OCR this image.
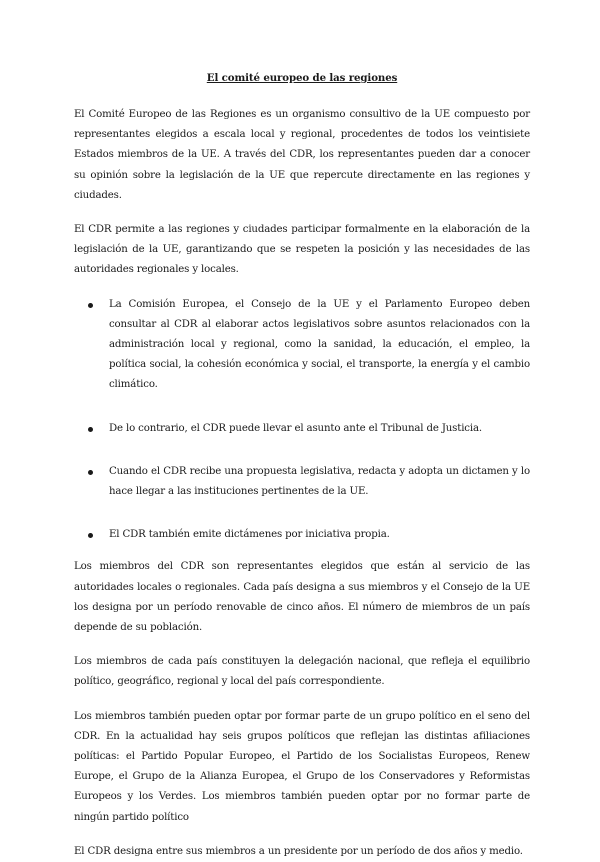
El comité europeo de las regiones

El Comité Europeo de las Regiones es un organismo consultivo de la UE compuesto por representantes elegidos a escala local y regional, procedentes de todos los veintisiete Estados miembros de la UE. A través del CDR, los representantes pueden dar a conocer su opinión sobre la legislación de la UE que repercute directamente en las regiones y ciudades.

El CDR permite a las regiones y ciudades participar formalmente en la elaboración de la legislación de la UE, garantizando que se respeten la posición y las necesidades de las autoridades regionales y locales.

La Comisión Europea, el Consejo de la UE y el Parlamento Europeo deben consultar al CDR al elaborar actos legislativos sobre asuntos relacionados con la administración local y regional, como la sanidad, la educación, el empleo, la política social, la cohesión económica y social, el transporte, la energía y el cambio climático.
De lo contrario, el CDR puede llevar el asunto ante el Tribunal de Justicia.
Cuando el CDR recibe una propuesta legislativa, redacta y adopta un dictamen y lo hace llegar a las instituciones pertinentes de la UE.
El CDR también emite dictámenes por iniciativa propia.

Los miembros del CDR son representantes elegidos que están al servicio de las autoridades locales o regionales. Cada país designa a sus miembros y el Consejo de la UE los designa por un período renovable de cinco años. El número de miembros de un país depende de su población.

Los miembros de cada país constituyen la delegación nacional, que refleja el equilibrio político, geográfico, regional y local del país correspondiente.

Los miembros también pueden optar por formar parte de un grupo político en el seno del CDR. En la actualidad hay seis grupos políticos que reflejan las distintas afiliaciones políticas: el Partido Popular Europeo, el Partido de los Socialistas Europeos, Renew Europe, el Grupo de la Alianza Europea, el Grupo de los Conservadores y Reformistas Europeos y los Verdes. Los miembros también pueden optar por no formar parte de ningún partido político

El CDR designa entre sus miembros a un presidente por un período de dos años y medio.
